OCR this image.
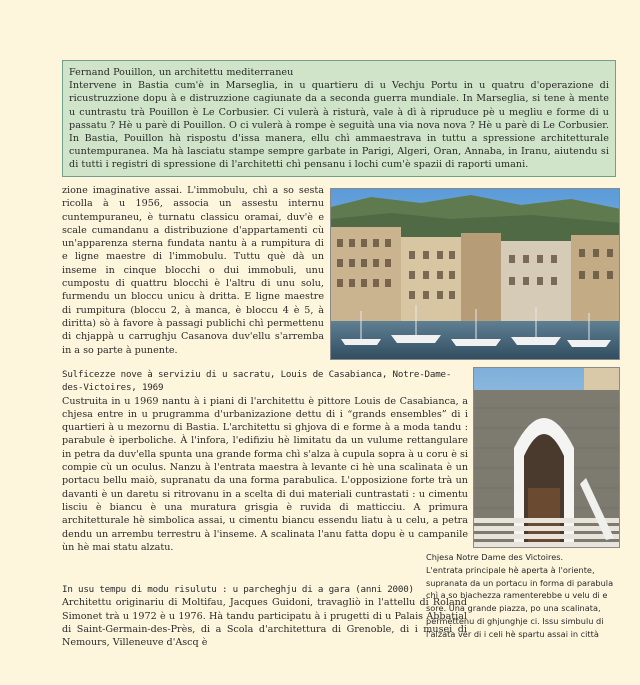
Fernand Pouillon, un architettu mediterraneu
Intervene in Bastia cum'è in Marseglia, in u quartieru di u Vechju Portu in u quatru d'operazione di ricustruzzione dopu à e distruzzione cagiunate da a seconda guerra mundiale. In Marseglia, si tene à mente u cuntrastu trà Pouillon è Le Corbusier. Ci vulerà à risturà, vale à dì à ripruduce pè u megliu e forme di u passatu ? Hè u parè di Pouillon. O ci vulerà à rompe è seguità una via nova nova ? Hè u parè di Le Corbusier. In Bastia, Pouillon hà rispostu d'issa manera, ellu chì ammaestrava in tuttu a spressione architetturale cuntempuranea. Ma hà lasciatu stampe sempre garbate in Parigi, Algeri, Oran, Annaba, in Iranu, aiutendu si di tutti i registri di spressione di l'architetti chì pensanu i lochi cum'è spazii di raporti umani.
zione imaginative assai. L'immobulu, chì a so sesta ricolla à u 1956, associa un assestu internu cuntempuraneu, è turnatu classicu oramai, duv'è e scale cumandanu a distribuzione d'appartamenti cù un'apparenza sterna fundata nantu à a rumpitura di e ligne maestre di l'immobulu. Tuttu què dà un inseme in cinque blocchi o dui immobuli, unu cumpostu di quattru blocchi è l'altru di unu solu, furmendu un bloccu unicu à dritta. E ligne maestre di rumpitura (bloccu 2, à manca, è bloccu 4 è 5, à diritta) sò à favore à passagi publichi chì permettenu di chjappà u carrughju Casanova duv'ellu s'arremba in a so parte à punente.
Sulficezze nove à serviziu di u sacratu, Louis de Casabianca, Notre-Dame-des-Victoires, 1969
Custruita in u 1969 nantu à i piani di l'architettu è pittore Louis de Casabianca, a chjesa entre in u prugramma d'urbanizazione dettu di i “grands ensembles” di i quartieri à u mezornu di Bastia. L'architettu si ghjova di e forme à a moda tandu : parabule è iperboliche. À l'infora, l'edifiziu hè limitatu da un vulume rettangulare in petra da duv'ella spunta una grande forma chì s'alza à cupula sopra à u coru è si compie cù un oculus. Nanzu à l'entrata maestra à levante ci hè una scalinata è un portacu bellu maiò, supranatu da una forma parabulica. L'opposizione forte trà un davanti è un daretu si ritrovanu in a scelta di dui materiali cuntrastati : u cimentu lisciu è biancu è una muratura grisgia è ruvida di matticciu. A primura architetturale hè simbolica assai, u cimentu biancu essendu liatu à u celu, a petra dendu un arrembu terrestru à l'inseme. A scalinata l'anu fatta dopu è u campanile ùn hè mai statu alzatu.
Chjesa Notre Dame des Victoires.
L'entrata principale hè aperta à l'oriente, supranata da un portacu in forma di parabula chì a so biachezza ramenterebbe u velu di e sore. Una grande piazza, po una scalinata, permettenu di ghjunghje ci. Issu simbulu di l'alzata ver di i celi hè spartu assai in città
In usu tempu di modu risulutu : u parcheghju di a gara (anni 2000)
Architettu originariu di Moltifau, Jacques Guidoni, travagliò in l'attellu di Roland Simonet trà u 1972 è u 1976. Hà tandu participatu à i prugetti di u Palais Abbatial di Saint-Germain-des-Près, di a Scola d'architettura di Grenoble, di i musei di Nemours, Villeneuve d'Ascq è
